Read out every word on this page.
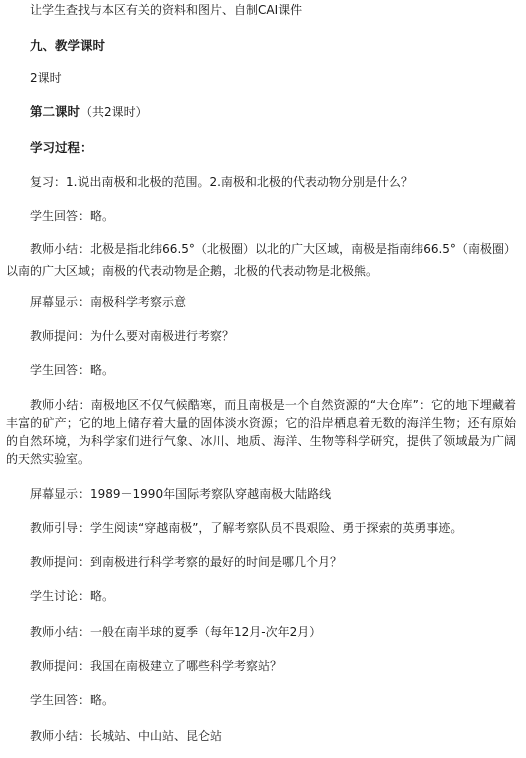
让学生查找与本区有关的资料和图片、自制CAI课件
九、教学课时
2课时
第二课时（共2课时）
学习过程：
复习：1.说出南极和北极的范围。2.南极和北极的代表动物分别是什么？
学生回答：略。
教师小结：北极是指北纬66.5°（北极圈）以北的广大区域，南极是指南纬66.5°（南极圈）以南的广大区域；南极的代表动物是企鹅，北极的代表动物是北极熊。
屏幕显示：南极科学考察示意
教师提问：为什么要对南极进行考察？
学生回答：略。
教师小结：南极地区不仅气候酷寒，而且南极是一个自然资源的“大仓库”：它的地下埋藏着丰富的矿产；它的地上储存着大量的固体淡水资源；它的沿岸栖息着无数的海洋生物；还有原始的自然环境，为科学家们进行气象、冰川、地质、海洋、生物等科学研究，提供了领域最为广阔的天然实验室。
屏幕显示：1989－1990年国际考察队穿越南极大陆路线
教师引导：学生阅读“穿越南极”，了解考察队员不畏艰险、勇于探索的英勇事迹。
教师提问：到南极进行科学考察的最好的时间是哪几个月？
学生讨论：略。
教师小结：一般在南半球的夏季（每年12月-次年2月）
教师提问：我国在南极建立了哪些科学考察站？
学生回答：略。
教师小结：长城站、中山站、昆仑站
